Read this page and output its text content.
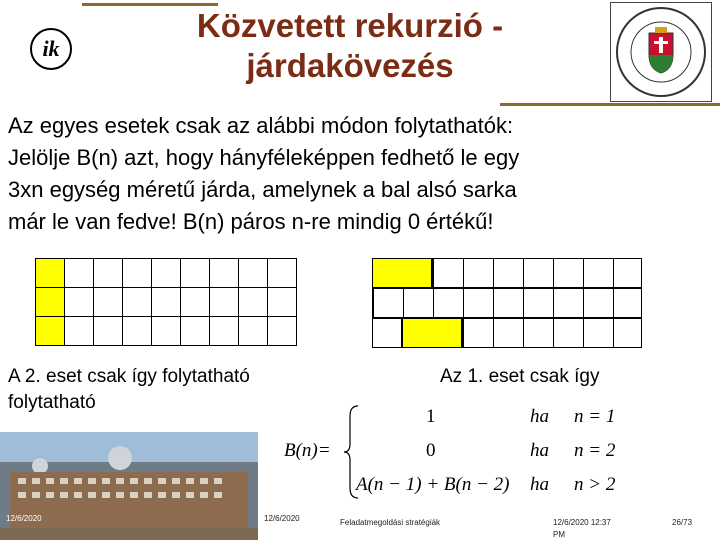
ik
Közvetett rekurzió -
járdakövezés

Az egyes esetek csak az alábbi módon folytathatók:

Jelölje B(n) azt, hogy hányféleképpen fedhető le egy

3xn egység méretű járda, amelynek a bal alsó sarka

már le van fedve! B(n) páros n-re mindig 0 értékű!

A 2. eset csak így folytatható
folytatható
Az 1. eset csak így
B(n)=
1	ha n = 1
0	ha n = 2
A(n − 1) + B(n − 2) ha n > 2
12/6/2020	12/6/2020	Feladatmegoldási stratégiák	12/6/2020 12:37
PM
26/73
